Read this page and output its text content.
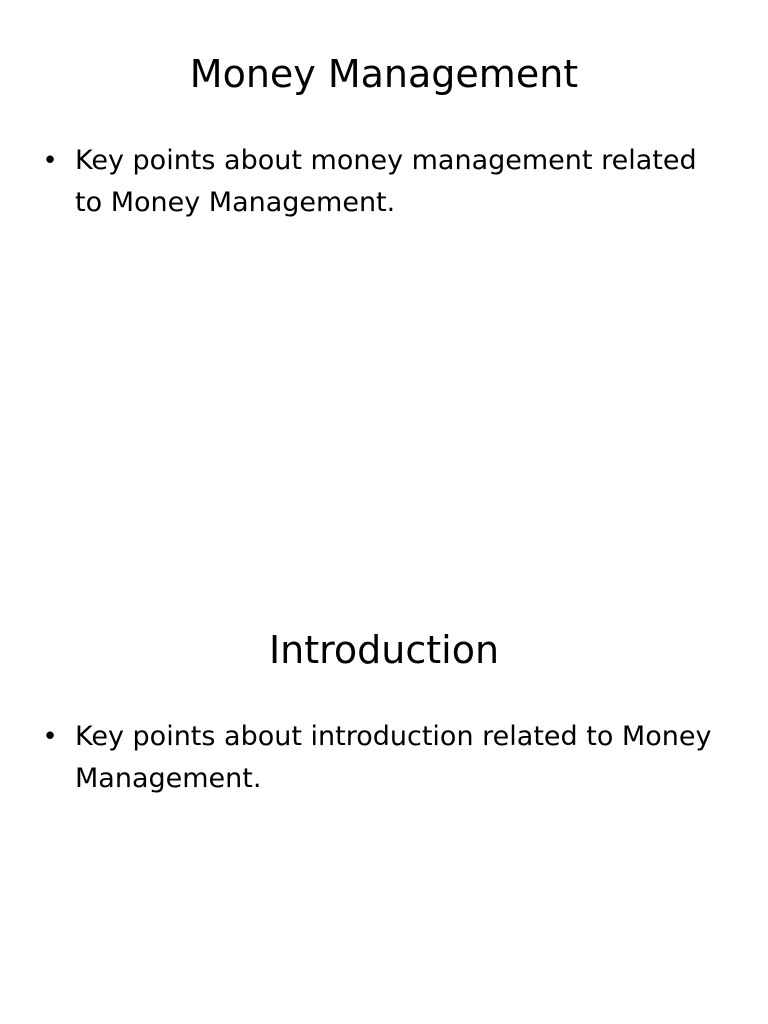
Money Management
• Key points about money management related to Money Management.
Introduction
• Key points about introduction related to Money Management.
